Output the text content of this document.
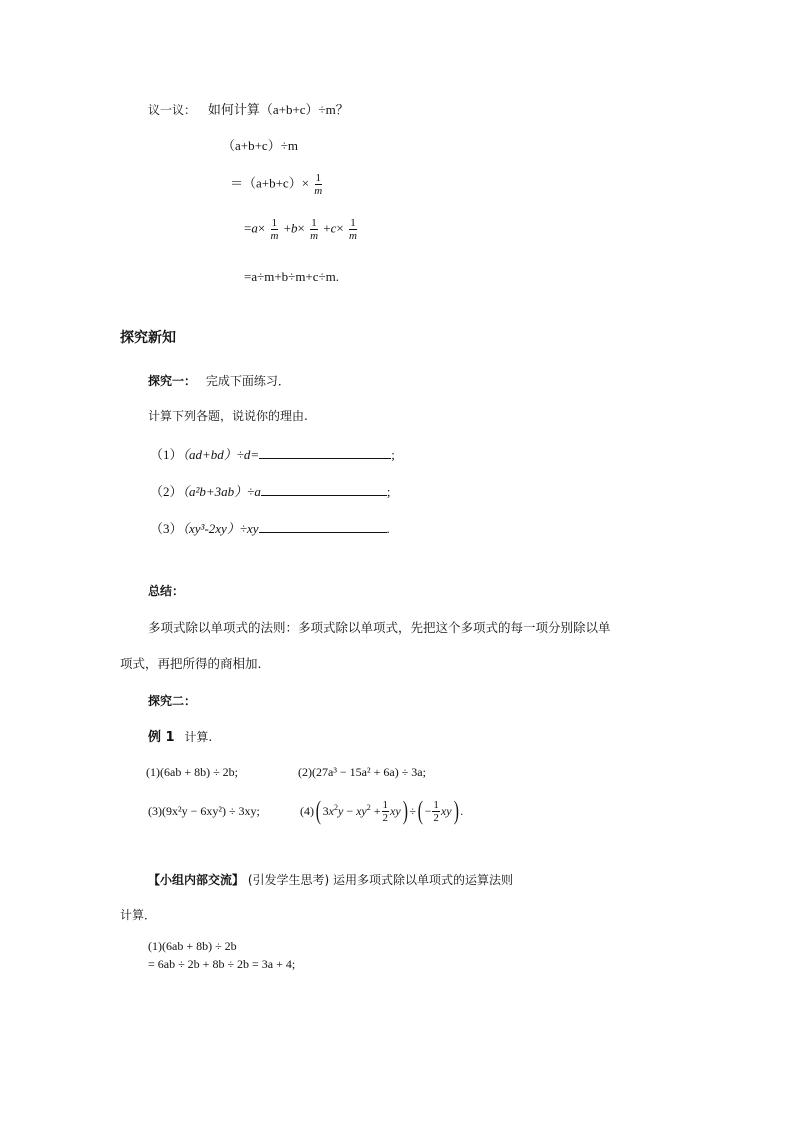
议一议： 如何计算（a+b+c）÷m？
（a+b+c）÷m
$=(a+b+c)\times \frac{1}{m}$
$=a\times \frac{1}{m} +b\times \frac{1}{m} +c\times \frac{1}{m}$
=a÷m+b÷m+c÷m.
探究新知
探究一： 完成下面练习．
计算下列各题，说说你的理由.
（1）（ad+bd）÷d=	;
（2）（a²b+3ab）÷a	;
（3）（xy³-2xy）÷xy	.
总结：
多项式除以单项式的法则：多项式除以单项式，先把这个多项式的每一项分别除以单
项式，再把所得的商相加.
探究二：
例 1 计算.
(1)(6ab + 8b) ÷ 2b;	(2)(27a³ − 15a² + 6a) ÷ 3a;
(3)(9x²y − 6xy²) ÷ 3xy;	(4) ( $3x^2y - xy^2 + \frac{1}{2}$ xy ) ÷ ( − $\frac{1}{2}$ xy ) .
【小组内部交流】 (引发学生思考) 运用多项式除以单项式的运算法则
计算．
(1)(6ab + 8b) ÷ 2b
= 6ab ÷ 2b + 8b ÷ 2b = 3a + 4;
